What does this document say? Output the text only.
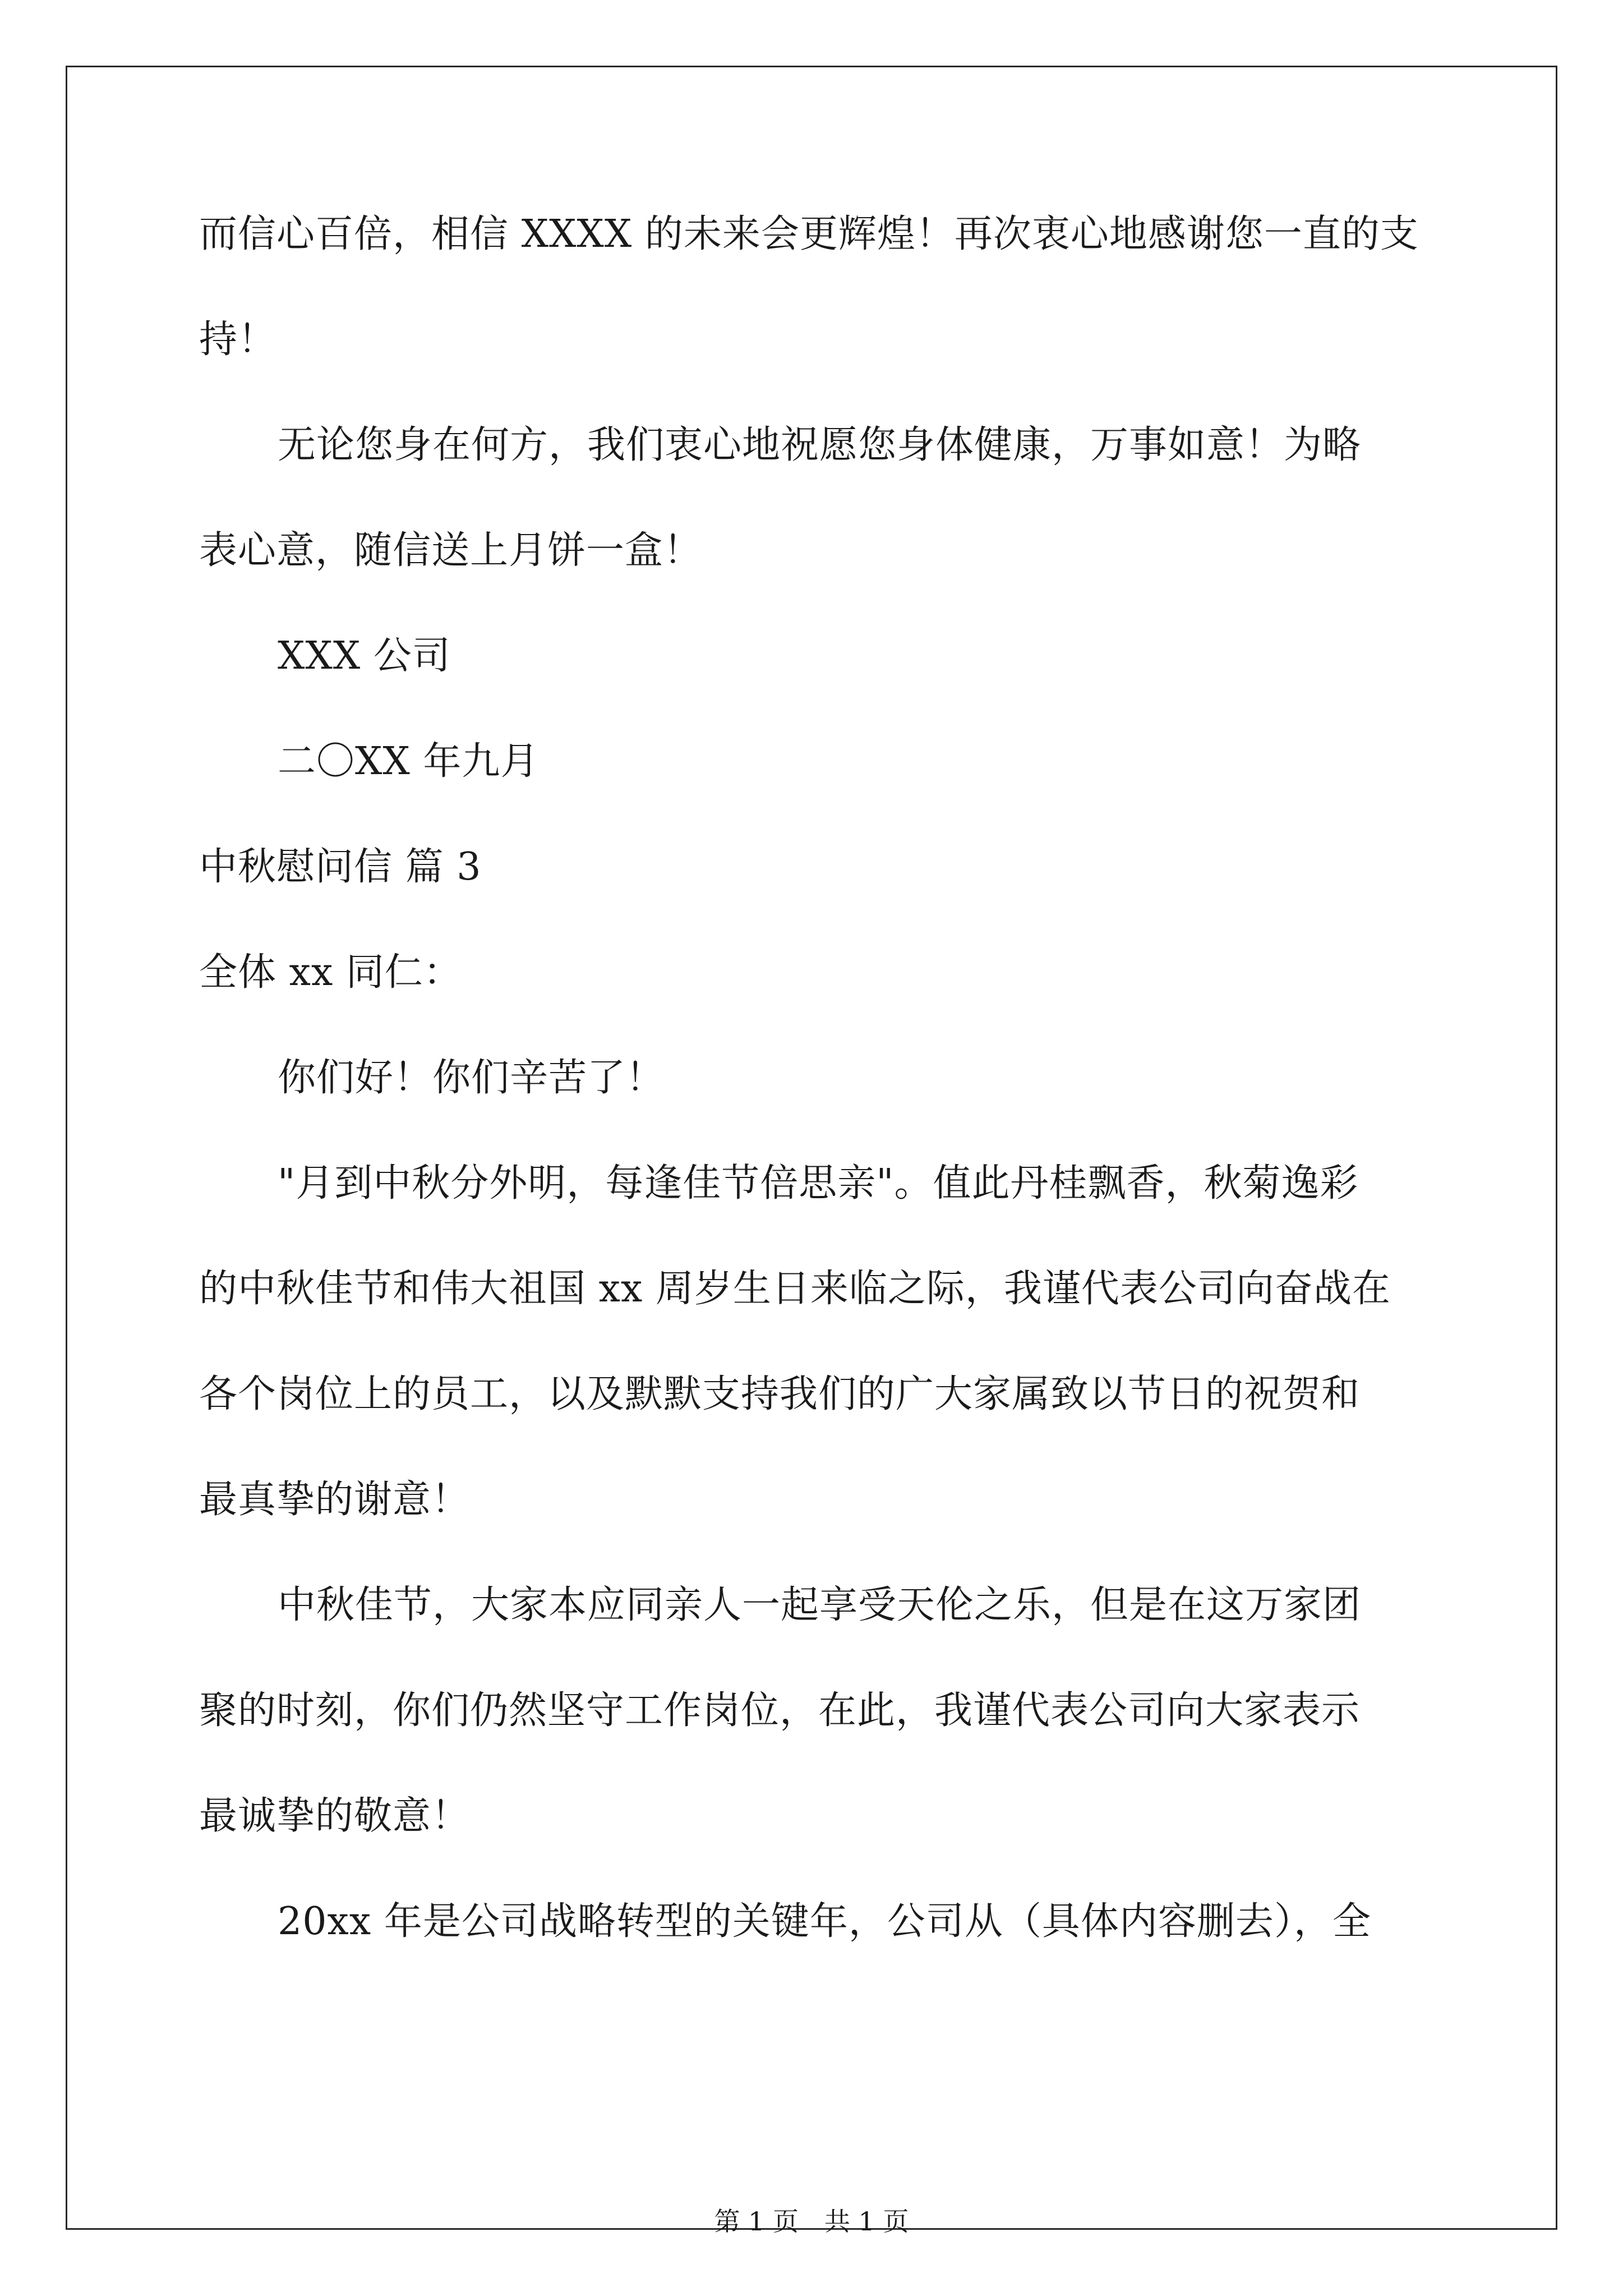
而信心百倍，相信 XXXX 的未来会更辉煌！再次衷心地感谢您一直的支
持！
无论您身在何方，我们衷心地祝愿您身体健康，万事如意！为略
表心意，随信送上月饼一盒！
XXX 公司
二〇XX 年九月
中秋慰问信 篇 3
全体 xx 同仁：
你们好！你们辛苦了！
"月到中秋分外明，每逢佳节倍思亲"。值此丹桂飘香，秋菊逸彩
的中秋佳节和伟大祖国 xx 周岁生日来临之际，我谨代表公司向奋战在
各个岗位上的员工，以及默默支持我们的广大家属致以节日的祝贺和
最真挚的谢意！
中秋佳节，大家本应同亲人一起享受天伦之乐，但是在这万家团
聚的时刻，你们仍然坚守工作岗位，在此，我谨代表公司向大家表示
最诚挚的敬意！
20xx 年是公司战略转型的关键年，公司从（具体内容删去），全
第 1 页　共 1 页
